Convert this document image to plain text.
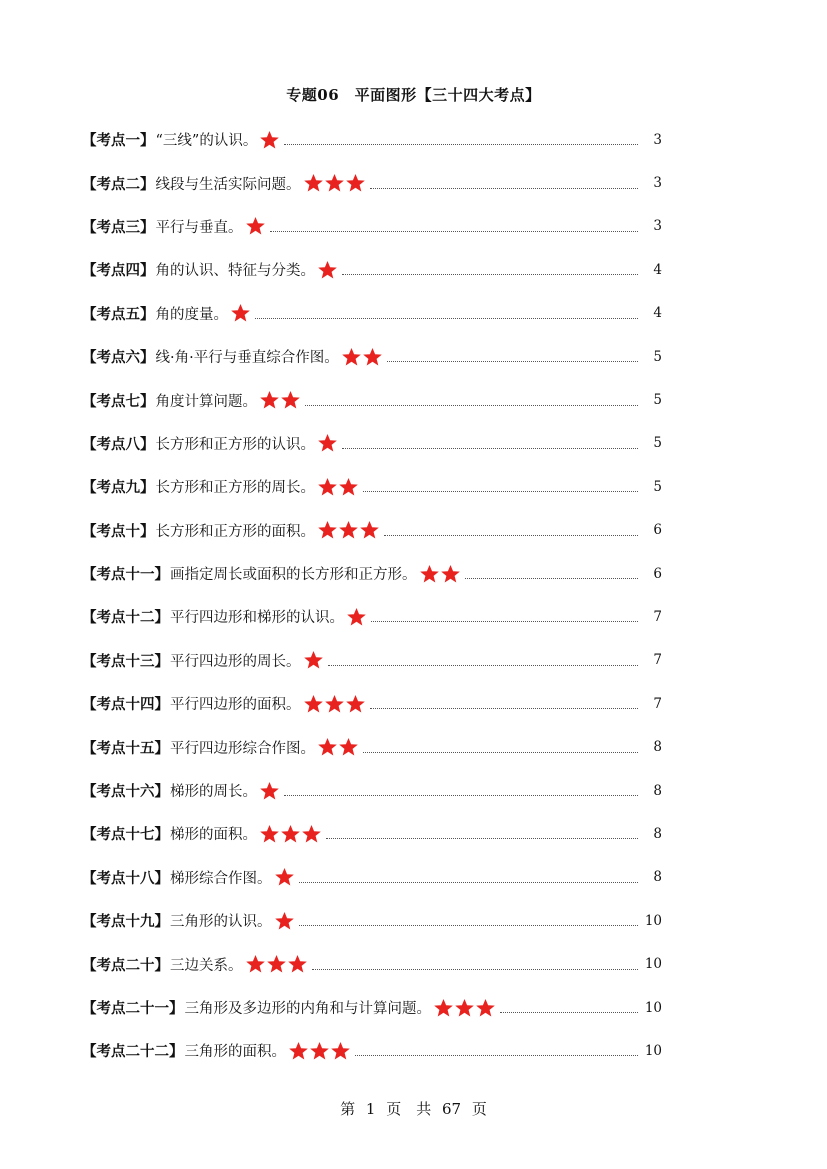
专题06　平面图形【三十四大考点】
【考点一】 “三线”的认识。	3
【考点二】 线段与生活实际问题。	3
【考点三】 平行与垂直。	3
【考点四】 角的认识、特征与分类。	4
【考点五】 角的度量。	4
【考点六】 线·角·平行与垂直综合作图。	5
【考点七】 角度计算问题。	5
【考点八】 长方形和正方形的认识。	5
【考点九】 长方形和正方形的周长。	5
【考点十】 长方形和正方形的面积。	6
【考点十一】 画指定周长或面积的长方形和正方形。	6
【考点十二】 平行四边形和梯形的认识。	7
【考点十三】 平行四边形的周长。	7
【考点十四】 平行四边形的面积。	7
【考点十五】 平行四边形综合作图。	8
【考点十六】 梯形的周长。	8
【考点十七】 梯形的面积。	8
【考点十八】 梯形综合作图。	8
【考点十九】 三角形的认识。	10
【考点二十】 三边关系。	10
【考点二十一】 三角形及多边形的内角和与计算问题。	10
【考点二十二】 三角形的面积。	10
第 1 页　共 67 页
